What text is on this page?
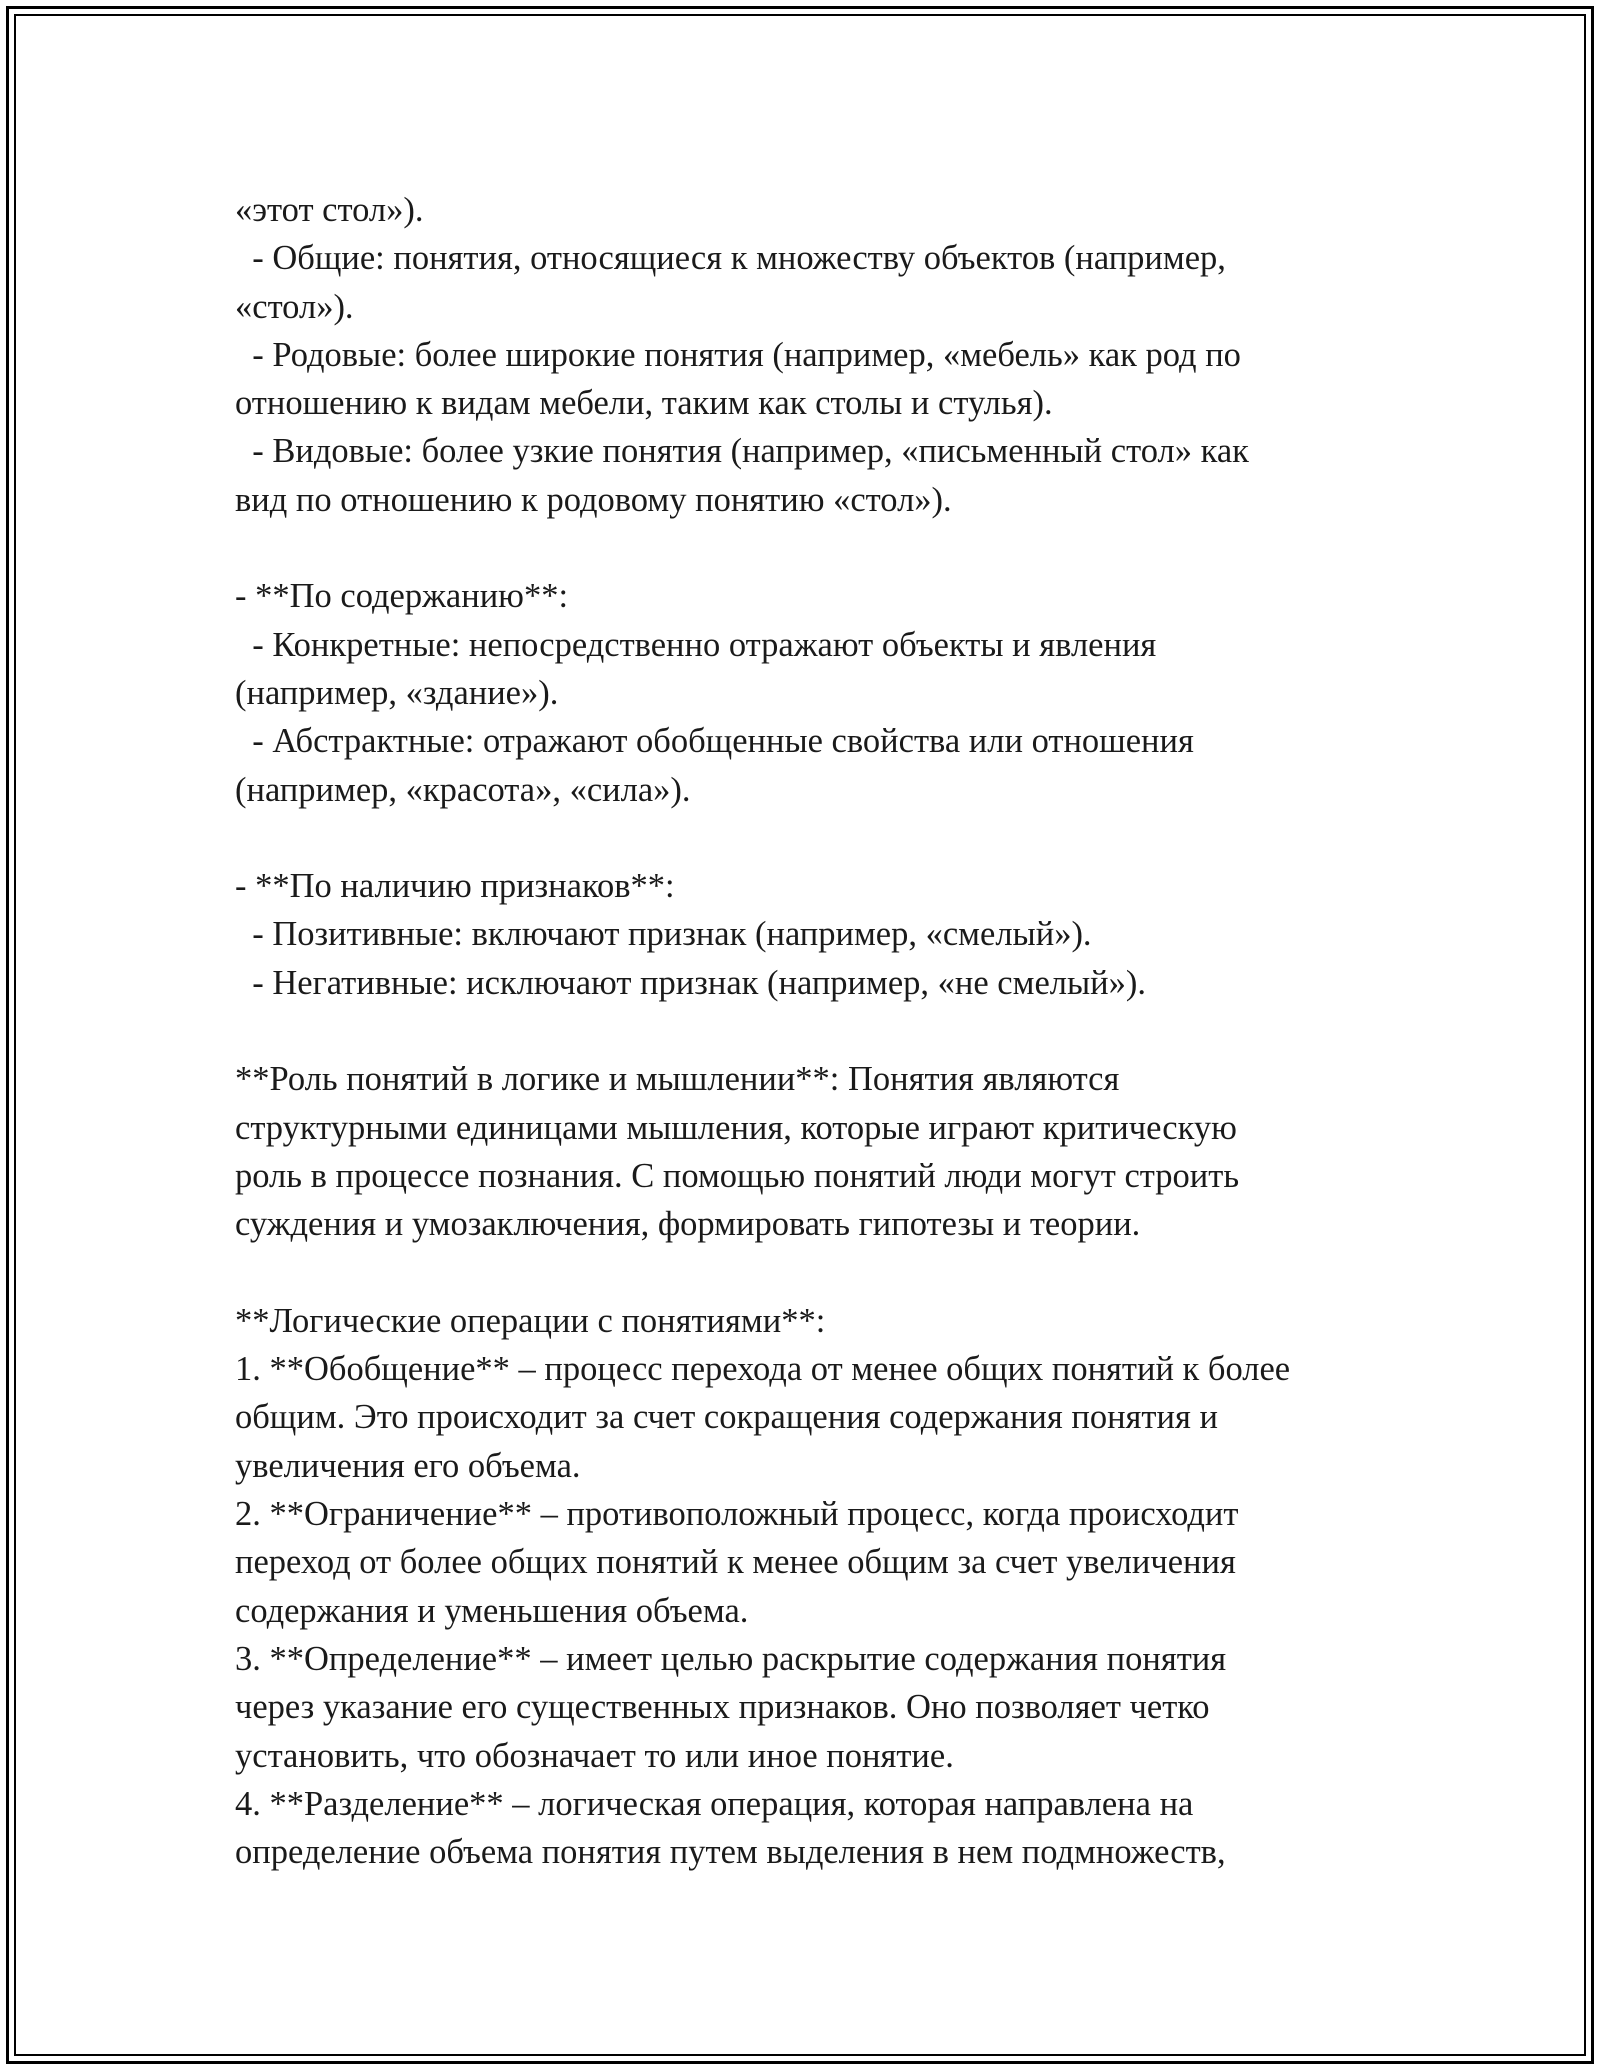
«этот стол»).
- Общие: понятия, относящиеся к множеству объектов (например,
«стол»).
- Родовые: более широкие понятия (например, «мебель» как род по
отношению к видам мебели, таким как столы и стулья).
- Видовые: более узкие понятия (например, «письменный стол» как
вид по отношению к родовому понятию «стол»).
- **По содержанию**:
- Конкретные: непосредственно отражают объекты и явления
(например, «здание»).
- Абстрактные: отражают обобщенные свойства или отношения
(например, «красота», «сила»).
- **По наличию признаков**:
- Позитивные: включают признак (например, «смелый»).
- Негативные: исключают признак (например, «не смелый»).
**Роль понятий в логике и мышлении**: Понятия являются
структурными единицами мышления, которые играют критическую
роль в процессе познания. С помощью понятий люди могут строить
суждения и умозаключения, формировать гипотезы и теории.
**Логические операции с понятиями**:
1. **Обобщение** – процесс перехода от менее общих понятий к более
общим. Это происходит за счет сокращения содержания понятия и
увеличения его объема.
2. **Ограничение** – противоположный процесс, когда происходит
переход от более общих понятий к менее общим за счет увеличения
содержания и уменьшения объема.
3. **Определение** – имеет целью раскрытие содержания понятия
через указание его существенных признаков. Оно позволяет четко
установить, что обозначает то или иное понятие.
4. **Разделение** – логическая операция, которая направлена на
определение объема понятия путем выделения в нем подмножеств,
